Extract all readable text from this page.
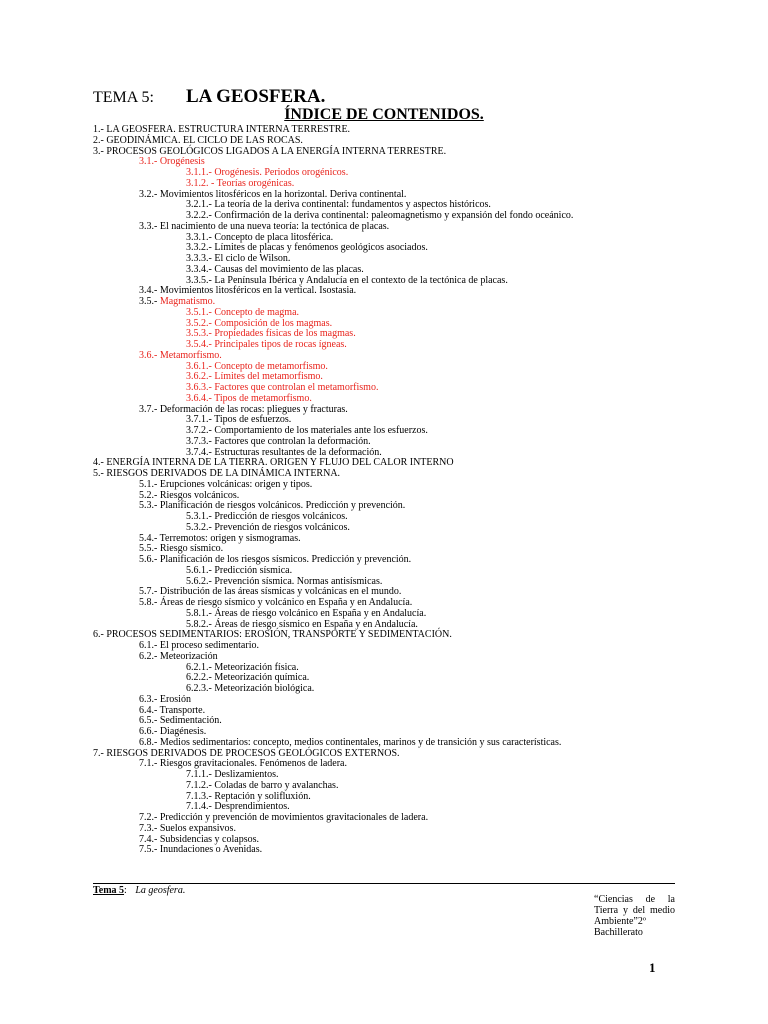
TEMA 5: LA GEOSFERA.
ÍNDICE DE CONTENIDOS.
1.- LA GEOSFERA. ESTRUCTURA INTERNA TERRESTRE.
2.- GEODINÁMICA. EL CICLO DE LAS ROCAS.
3.- PROCESOS GEOLÓGICOS LIGADOS A LA ENERGÍA INTERNA TERRESTRE.
3.1.- Orogénesis
3.1.1.- Orogénesis. Periodos orogénicos.
3.1.2. - Teorías orogénicas.
3.2.- Movimientos litosféricos en la horizontal. Deriva continental.
3.2.1.- La teoría de la deriva continental: fundamentos y aspectos históricos.
3.2.2.- Confirmación de la deriva continental: paleomagnetismo y expansión del fondo oceánico.
3.3.- El nacimiento de una nueva teoría: la tectónica de placas.
3.3.1.- Concepto de placa litosférica.
3.3.2.- Límites de placas y fenómenos geológicos asociados.
3.3.3.- El ciclo de Wilson.
3.3.4.- Causas del movimiento de las placas.
3.3.5.- La Península Ibérica y Andalucía en el contexto de la tectónica de placas.
3.4.- Movimientos litosféricos en la vertical. Isostasia.
3.5.- Magmatismo.
3.5.1.- Concepto de magma.
3.5.2.- Composición de los magmas.
3.5.3.- Propiedades físicas de los magmas.
3.5.4.- Principales tipos de rocas ígneas.
3.6.- Metamorfismo.
3.6.1.- Concepto de metamorfismo.
3.6.2.- Límites del metamorfismo.
3.6.3.- Factores que controlan el metamorfismo.
3.6.4.- Tipos de metamorfismo.
3.7.- Deformación de las rocas: pliegues y fracturas.
3.7.1.- Tipos de esfuerzos.
3.7.2.- Comportamiento de los materiales ante los esfuerzos.
3.7.3.- Factores que controlan la deformación.
3.7.4.- Estructuras resultantes de la deformación.
4.- ENERGÍA INTERNA DE LA TIERRA. ORIGEN Y FLUJO DEL CALOR INTERNO
5.- RIESGOS DERIVADOS DE LA DINÁMICA INTERNA.
5.1.- Erupciones volcánicas: origen y tipos.
5.2.- Riesgos volcánicos.
5.3.- Planificación de riesgos volcánicos. Predicción y prevención.
5.3.1.- Predicción de riesgos volcánicos.
5.3.2.- Prevención de riesgos volcánicos.
5.4.- Terremotos: origen y sismogramas.
5.5.- Riesgo sísmico.
5.6.- Planificación de los riesgos sísmicos. Predicción y prevención.
5.6.1.- Predicción sísmica.
5.6.2.- Prevención sísmica. Normas antisísmicas.
5.7.- Distribución de las áreas sísmicas y volcánicas en el mundo.
5.8.- Áreas de riesgo sísmico y volcánico en España y en Andalucía.
5.8.1.- Áreas de riesgo volcánico en España y en Andalucía.
5.8.2.- Áreas de riesgo sísmico en España y en Andalucía.
6.- PROCESOS SEDIMENTARIOS: EROSIÓN, TRANSPORTE Y SEDIMENTACIÓN.
6.1.- El proceso sedimentario.
6.2.- Meteorización
6.2.1.- Meteorización física.
6.2.2.- Meteorización química.
6.2.3.- Meteorización biológica.
6.3.- Erosión
6.4.- Transporte.
6.5.- Sedimentación.
6.6.- Diagénesis.
6.8.- Medios sedimentarios: concepto, medios continentales, marinos y de transición y sus características.
7.- RIESGOS DERIVADOS DE PROCESOS GEOLÓGICOS EXTERNOS.
7.1.- Riesgos gravitacionales. Fenómenos de ladera.
7.1.1.- Deslizamientos.
7.1.2.- Coladas de barro y avalanchas.
7.1.3.- Reptación y solifluxión.
7.1.4.- Desprendimientos.
7.2.- Predicción y prevención de movimientos gravitacionales de ladera.
7.3.- Suelos expansivos.
7.4.- Subsidencias y colapsos.
7.5.- Inundaciones o Avenidas.
Tema 5: La geosfera.
“Ciencias de la Tierra y del medio Ambiente”2º Bachillerato
1
